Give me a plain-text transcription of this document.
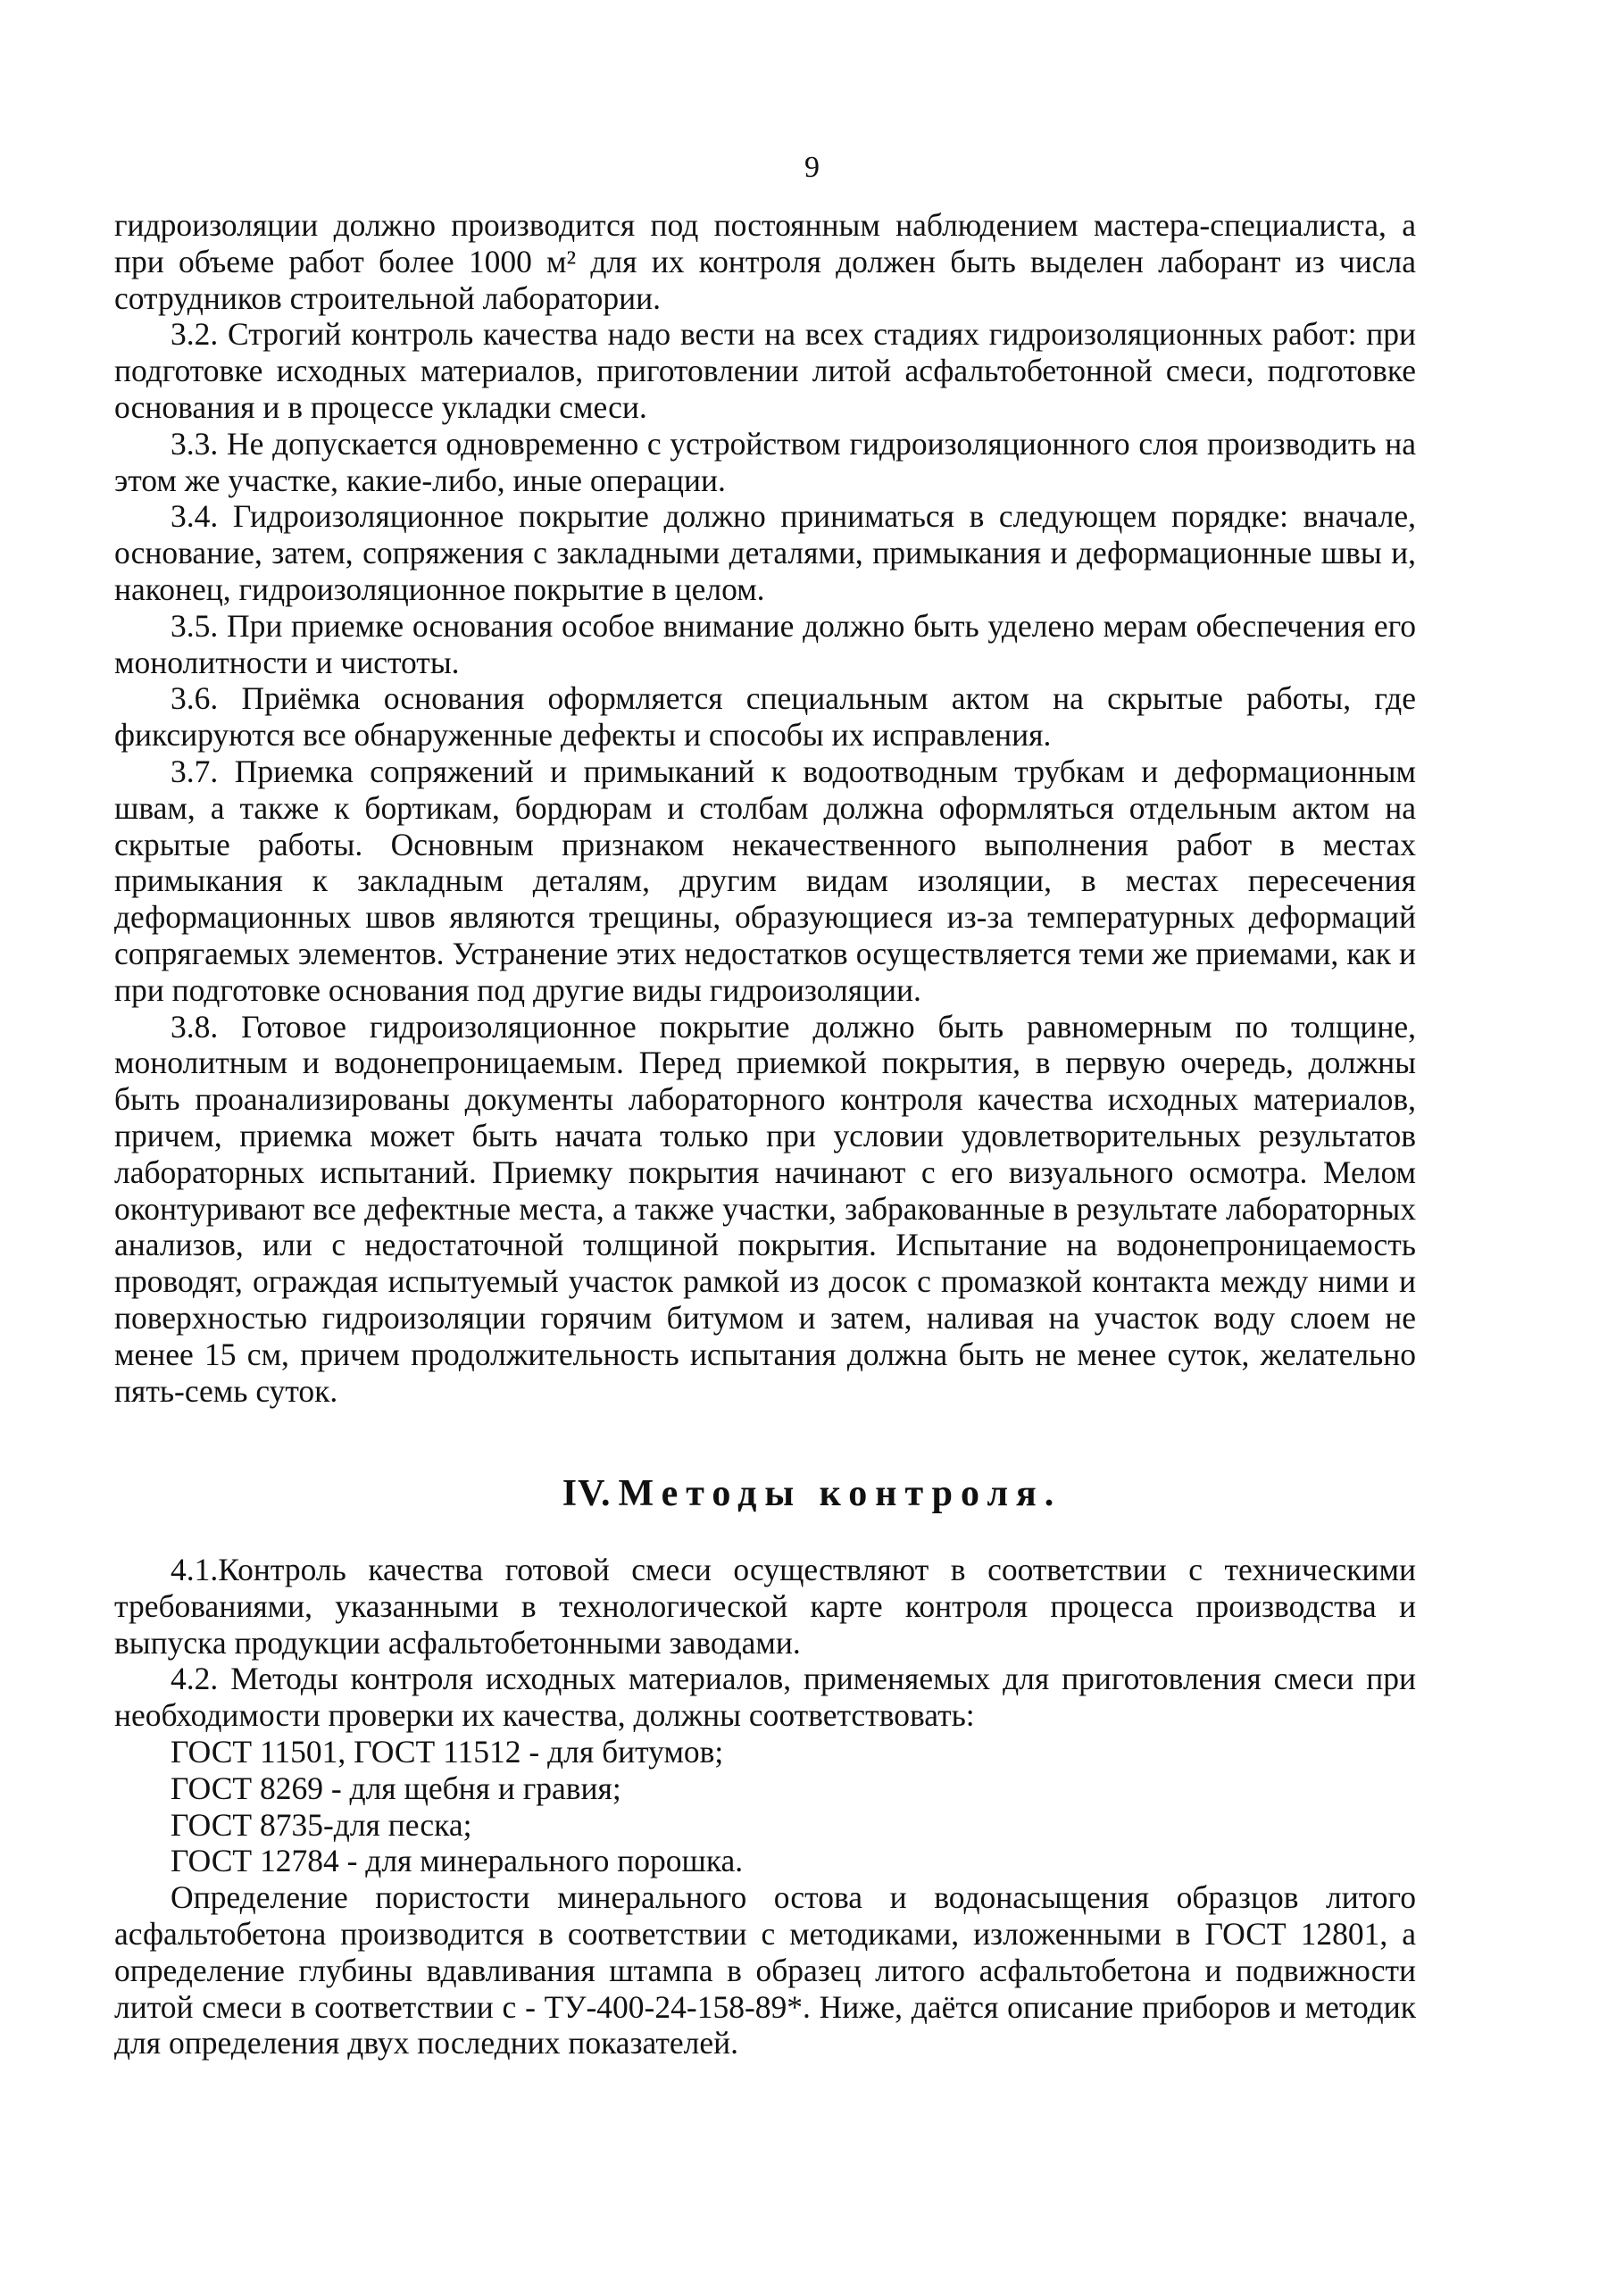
9

гидроизоляции должно производится под постоянным наблюдением мастера-специалиста, а при объеме работ более 1000 м² для их контроля должен быть выделен лаборант из числа сотрудников строительной лаборатории.

3.2. Строгий контроль качества надо вести на всех стадиях гидроизоляционных работ: при подготовке исходных материалов, приготовлении литой асфальтобетонной смеси, подготовке основания и в процессе укладки смеси.

3.3. Не допускается одновременно с устройством гидроизоляционного слоя производить на этом же участке, какие-либо, иные операции.

3.4. Гидроизоляционное покрытие должно приниматься в следующем порядке: вначале, основание, затем, сопряжения с закладными деталями, примыкания и деформационные швы и, наконец, гидроизоляционное покрытие в целом.

3.5. При приемке основания особое внимание должно быть уделено мерам обеспечения его монолитности и чистоты.

3.6. Приёмка основания оформляется специальным актом на скрытые работы, где фиксируются все обнаруженные дефекты и способы их исправления.

3.7. Приемка сопряжений и примыканий к водоотводным трубкам и деформационным швам, а также к бортикам, бордюрам и столбам должна оформляться отдельным актом на скрытые работы. Основным признаком некачественного выполнения работ в местах примыкания к закладным деталям, другим видам изоляции, в местах пересечения деформационных швов являются трещины, образующиеся из-за температурных деформаций сопрягаемых элементов. Устранение этих недостатков осуществляется теми же приемами, как и при подготовке основания под другие виды гидроизоляции.

3.8. Готовое гидроизоляционное покрытие должно быть равномерным по толщине, монолитным и водонепроницаемым. Перед приемкой покрытия, в первую очередь, должны быть проанализированы документы лабораторного контроля качества исходных материалов, причем, приемка может быть начата только при условии удовлетворительных результатов лабораторных испытаний. Приемку покрытия начинают с его визуального осмотра. Мелом оконтуривают все дефектные места, а также участки, забракованные в результате лабораторных анализов, или с недостаточной толщиной покрытия. Испытание на водонепроницаемость проводят, ограждая испытуемый участок рамкой из досок с промазкой контакта между ними и поверхностью гидроизоляции горячим битумом и затем, наливая на участок воду слоем не менее 15 см, причем продолжительность испытания должна быть не менее суток, желательно пять-семь суток.

IV. Методы контроля.

4.1.Контроль качества готовой смеси осуществляют в соответствии с техническими требованиями, указанными в технологической карте контроля процесса производства и выпуска продукции асфальтобетонными заводами.

4.2. Методы контроля исходных материалов, применяемых для приготовления смеси при необходимости проверки их качества, должны соответствовать:

ГОСТ 11501, ГОСТ 11512 - для битумов;

ГОСТ 8269 - для щебня и гравия;

ГОСТ 8735-для песка;

ГОСТ 12784 - для минерального порошка.

Определение пористости минерального остова и водонасыщения образцов литого асфальтобетона производится в соответствии с методиками, изложенными в ГОСТ 12801, а определение глубины вдавливания штампа в образец литого асфальтобетона и подвижности литой смеси в соответствии с - ТУ-400-24-158-89*. Ниже, даётся описание приборов и методик для определения двух последних показателей.
